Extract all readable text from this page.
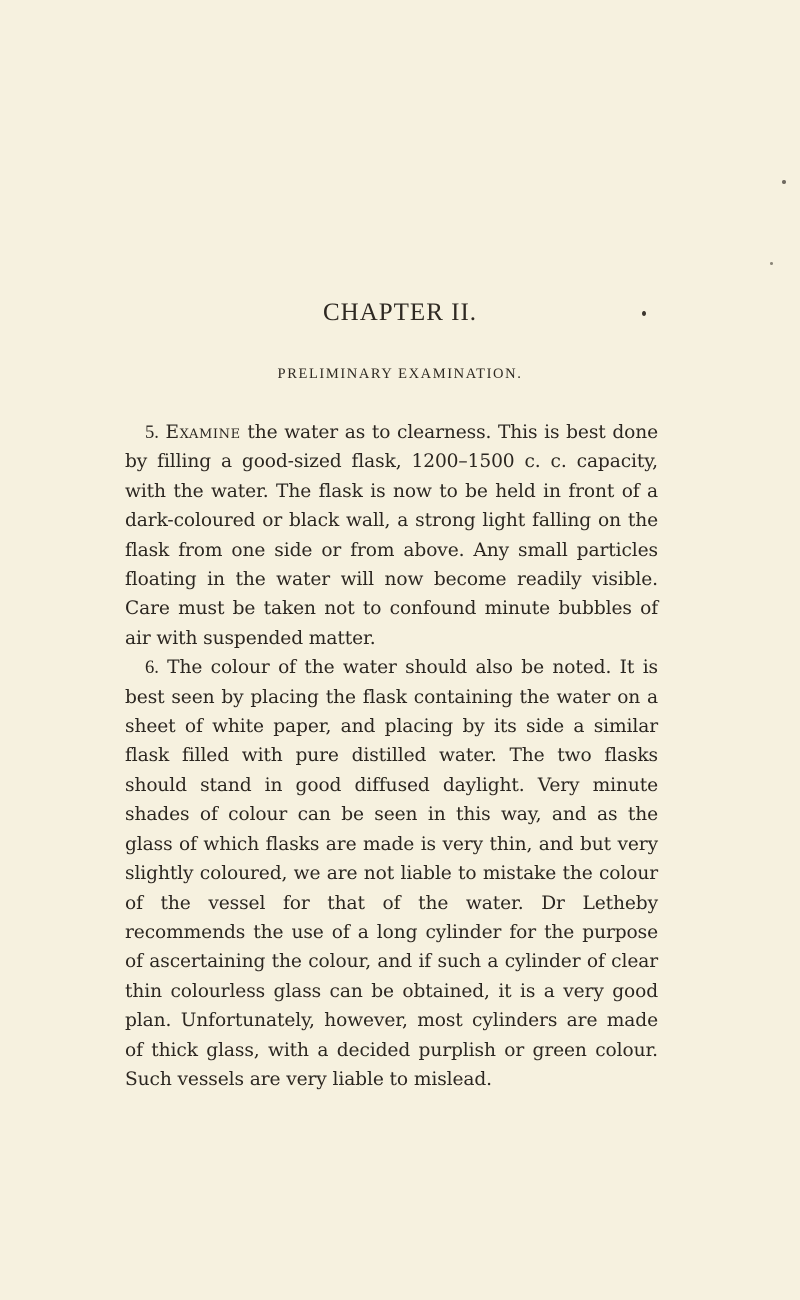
CHAPTER II.
PRELIMINARY EXAMINATION.

5. Examine the water as to clearness. This is best done by filling a good-sized flask, 1200–1500 c. c. capacity, with the water. The flask is now to be held in front of a dark-coloured or black wall, a strong light falling on the flask from one side or from above. Any small particles floating in the water will now become readily visible. Care must be taken not to confound minute bubbles of air with suspended matter.

6. The colour of the water should also be noted. It is best seen by placing the flask containing the water on a sheet of white paper, and placing by its side a similar flask filled with pure distilled water. The two flasks should stand in good diffused daylight. Very minute shades of colour can be seen in this way, and as the glass of which flasks are made is very thin, and but very slightly coloured, we are not liable to mistake the colour of the vessel for that of the water. Dr Letheby recommends the use of a long cylinder for the purpose of ascertaining the colour, and if such a cylinder of clear thin colourless glass can be obtained, it is a very good plan. Unfortunately, however, most cylinders are made of thick glass, with a decided purplish or green colour. Such vessels are very liable to mislead.
